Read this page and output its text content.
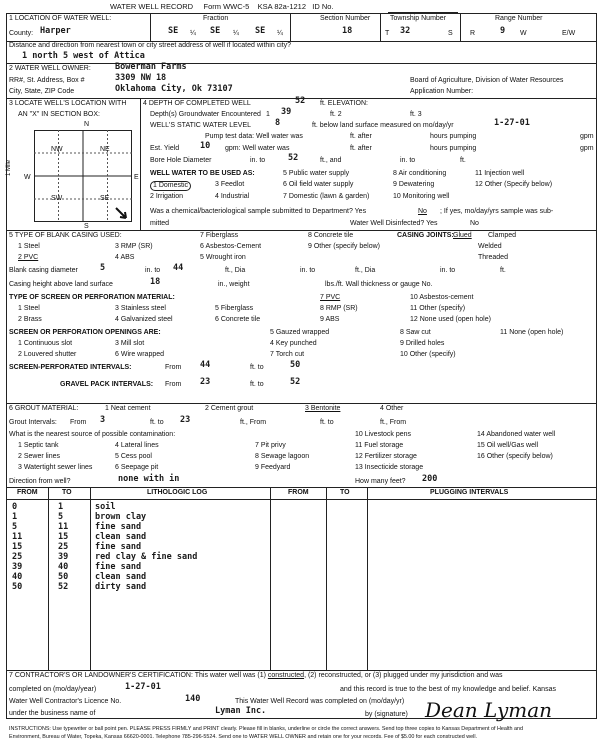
WATER WELL RECORD Form WWC-5 KSA 82a-1212 ID No.
1 LOCATION OF WATER WELL:
County: Harper
Fraction
SE ¼ SE ¼ SE ¼
Section Number
18
Township Number
T 32	S
Range Number
R	9 W	E/W
Distance and direction from nearest town or city street address of well if located within city?
1 north 5 west of Attica
2 WATER WELL OWNER:	Bowerman Farms
RR#, St. Address, Box #	3309 NW 18
City, State, ZIP Code	Oklahoma City, Ok 73107
Board of Agriculture, Division of Water Resources
Application Number:
3 LOCATE WELL'S LOCATION WITH
AN "X" IN SECTION BOX:
N
S
W	E
1 Mile
NW	NE
SW	SE
4 DEPTH OF COMPLETED WELL	52 ft. ELEVATION:
Depth(s) Groundwater Encountered 1 39	ft. 2	ft. 3
WELL'S STATIC WATER LEVEL	8	ft. below land surface measured on mo/day/yr	1-27-01
Pump test data: Well water was	ft. after	hours pumping	gpm
Est. Yield 10 gpm: Well water was	ft. after	hours pumping	gpm
Bore Hole Diameter	in. to	52	ft., and	in. to	ft.
WELL WATER TO BE USED AS:	5 Public water supply	8 Air conditioning	11 Injection well
1 Domestic	3 Feedlot	6 Oil field water supply	9 Dewatering	12 Other (Specify below)
2 Irrigation	4 Industrial	7 Domestic (lawn & garden)	10 Monitoring well
Was a chemical/bacteriological sample submitted to Department? Yes	No ; If yes, mo/day/yrs sample was sub-
mitted	Water Well Disinfected? Yes	No
5 TYPE OF BLANK CASING USED:	7 Fiberglass	8 Concrete tile	CASING JOINTS: Glued Clamped
1 Steel	3 RMP (SR)	6 Asbestos-Cement	9 Other (specify below)	Welded
2 PVC	4 ABS	5 Wrought iron	Threaded
Blank casing diameter	5	in. to 44	ft., Dia	in. to	ft., Dia	in. to	ft.
Casing height above land surface	18	in., weight	lbs./ft. Wall thickness or gauge No.
TYPE OF SCREEN OR PERFORATION MATERIAL:	7 PVC	10 Asbestos-cement
1 Steel	3 Stainless steel	5 Fiberglass	8 RMP (SR)	11 Other (specify)
2 Brass	4 Galvanized steel	6 Concrete tile	9 ABS	12 None used (open hole)
SCREEN OR PERFORATION OPENINGS ARE:	5 Gauzed wrapped	8 Saw cut	11 None (open hole)
1 Continuous slot	3 Mill slot	4 Key punched	9 Drilled holes
2 Louvered shutter	6 Wire wrapped	7 Torch cut	10 Other (specify)
SCREEN-PERFORATED INTERVALS:	From 44	ft. to	50
GRAVEL PACK INTERVALS: From 23	ft. to	52
6 GROUT MATERIAL:	1 Neat cement	2 Cement grout	3 Bentonite	4 Other
Grout Intervals: From 3	ft. to 23	ft., From	ft. to	ft., From
What is the nearest source of possible contamination:	10 Livestock pens	14 Abandoned water well
1 Septic tank	4 Lateral lines	7 Pit privy	11 Fuel storage	15 Oil well/Gas well
2 Sewer lines	5 Cess pool	8 Sewage lagoon	12 Fertilizer storage	16 Other (specify below)
3 Watertight sewer lines	6 Seepage pit	9 Feedyard	13 Insecticide storage
Direction from well?	none with in	How many feet? 200
FROM	TO	LITHOLOGIC LOG	FROM	TO	PLUGGING INTERVALS
0	1	soil
1	5	brown clay
5	11	fine sand
11	15	clean sand
15	25	fine sand
25	39	red clay & fine sand
39	40	fine sand
40	50	clean sand
50	52	dirty sand
7 CONTRACTOR'S OR LANDOWNER'S CERTIFICATION: This water well was (1) constructed, (2) reconstructed, or (3) plugged under my jurisdiction and was
completed on (mo/day/year)	1-27-01	and this record is true to the best of my knowledge and belief. Kansas
Water Well Contractor's Licence No.	140	This Water Well Record was completed on (mo/day/yr)
under the business name of	Lyman Inc.	by (signature) Dean Lyman
INSTRUCTIONS: Use typewriter or ball point pen. PLEASE PRESS FIRMLY and PRINT clearly. Please fill in blanks, underline or circle the correct answers. Send top three copies to Kansas Department of Health and
Environment, Bureau of Water, Topeka, Kansas 66620-0001. Telephone 785-296-5524. Send one to WATER WELL OWNER and retain one for your records. Fee of $5.00 for each constructed well.
